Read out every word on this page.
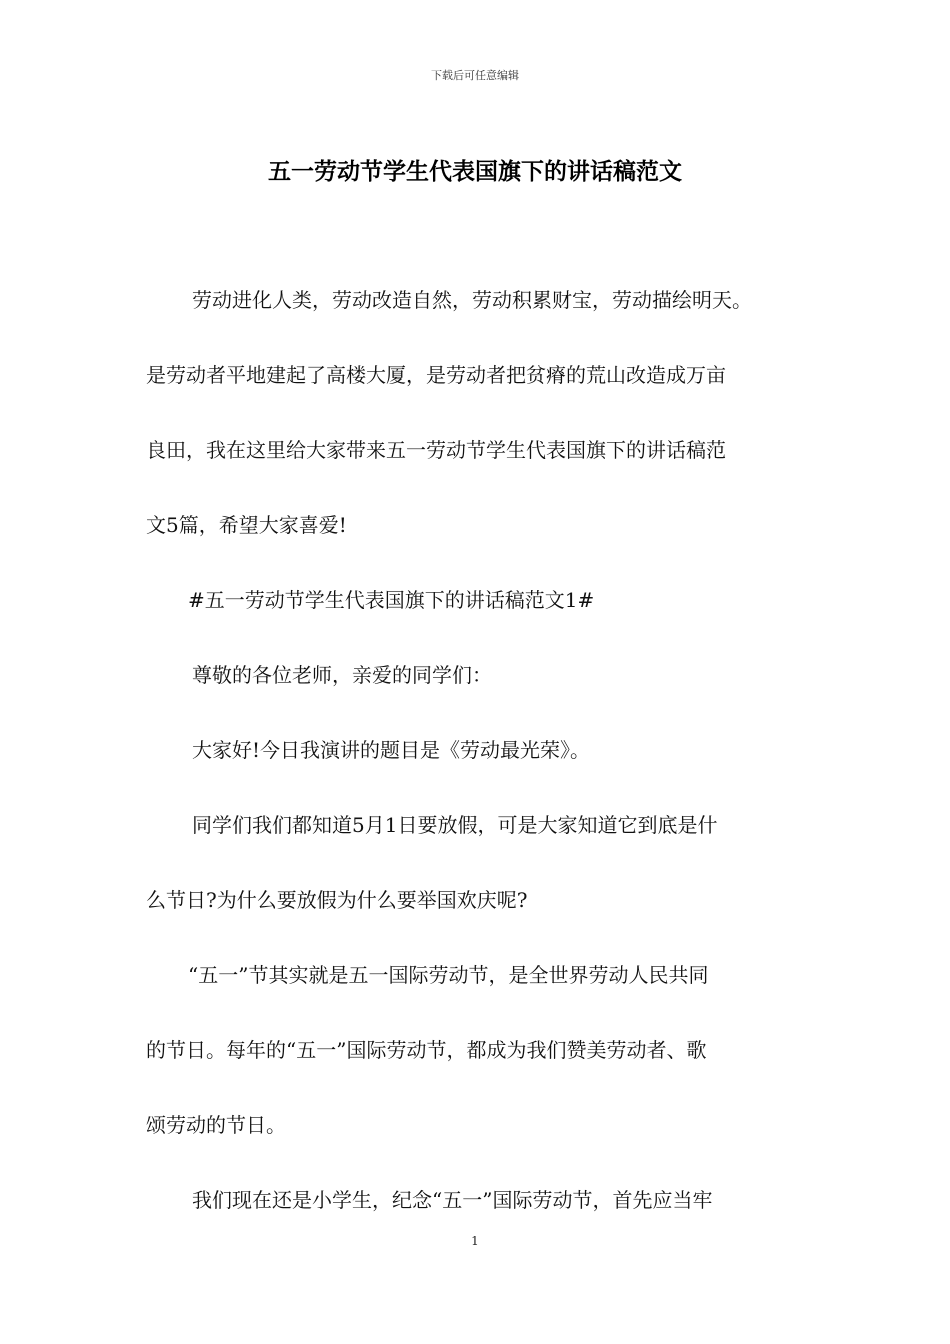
下载后可任意编辑
五一劳动节学生代表国旗下的讲话稿范文
劳动进化人类，劳动改造自然，劳动积累财宝，劳动描绘明天。
是劳动者平地建起了高楼大厦，是劳动者把贫瘠的荒山改造成万亩
良田，我在这里给大家带来五一劳动节学生代表国旗下的讲话稿范
文5篇，希望大家喜爱!
#五一劳动节学生代表国旗下的讲话稿范文1#
尊敬的各位老师，亲爱的同学们：
大家好!今日我演讲的题目是《劳动最光荣》。
同学们我们都知道5月1日要放假，可是大家知道它到底是什
么节日?为什么要放假为什么要举国欢庆呢?
“五一”节其实就是五一国际劳动节，是全世界劳动人民共同
的节日。每年的“五一”国际劳动节，都成为我们赞美劳动者、歌
颂劳动的节日。
我们现在还是小学生，纪念“五一”国际劳动节，首先应当牢
1
